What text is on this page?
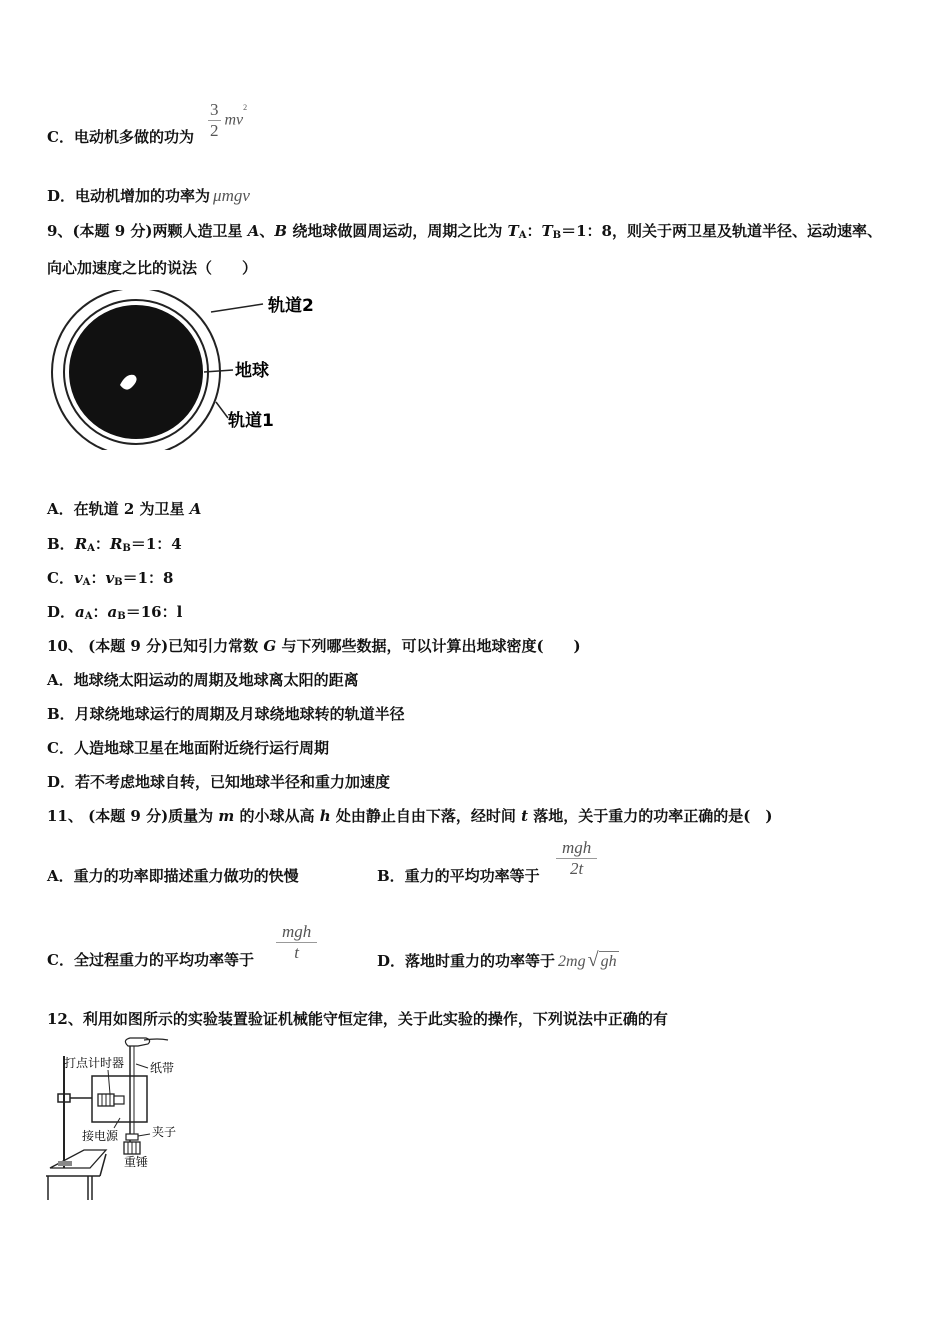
C．电动机多做的功为 $\frac{3}{2} mv^2$
D．电动机增加的功率为 μmgv
9、(本题 9 分)两颗人造卫星 A、B 绕地球做圆周运动，周期之比为 $T_A$：$T_B=1$：8，则关于两卫星及轨道半径、运动速率、
向心加速度之比的说法（　　）
轨道2
地球
轨道1
A．在轨道 2 为卫星 A
B．$R_A$：$R_B=1$：4
C．$v_A$：$v_B=1$：8
D．$a_A$：$a_B=16$：l
10、 (本题 9 分)已知引力常数 G 与下列哪些数据，可以计算出地球密度(　　)
A．地球绕太阳运动的周期及地球离太阳的距离
B．月球绕地球运行的周期及月球绕地球转的轨道半径
C．人造地球卫星在地面附近绕行运行周期
D．若不考虑地球自转，已知地球半径和重力加速度
11、 (本题 9 分)质量为 m 的小球从高 h 处由静止自由下落，经时间 t 落地，关于重力的功率正确的是(　)
A．重力的功率即描述重力做功的快慢	B．重力的平均功率等于
mgh
2t
C．全过程重力的平均功率等于
mgh
t	D．落地时重力的功率等于 2mg √ gh
12、利用如图所示的实验装置验证机械能守恒定律，关于此实验的操作，下列说法中正确的有
打点计时器 纸带
接电源	夹子
重锤
